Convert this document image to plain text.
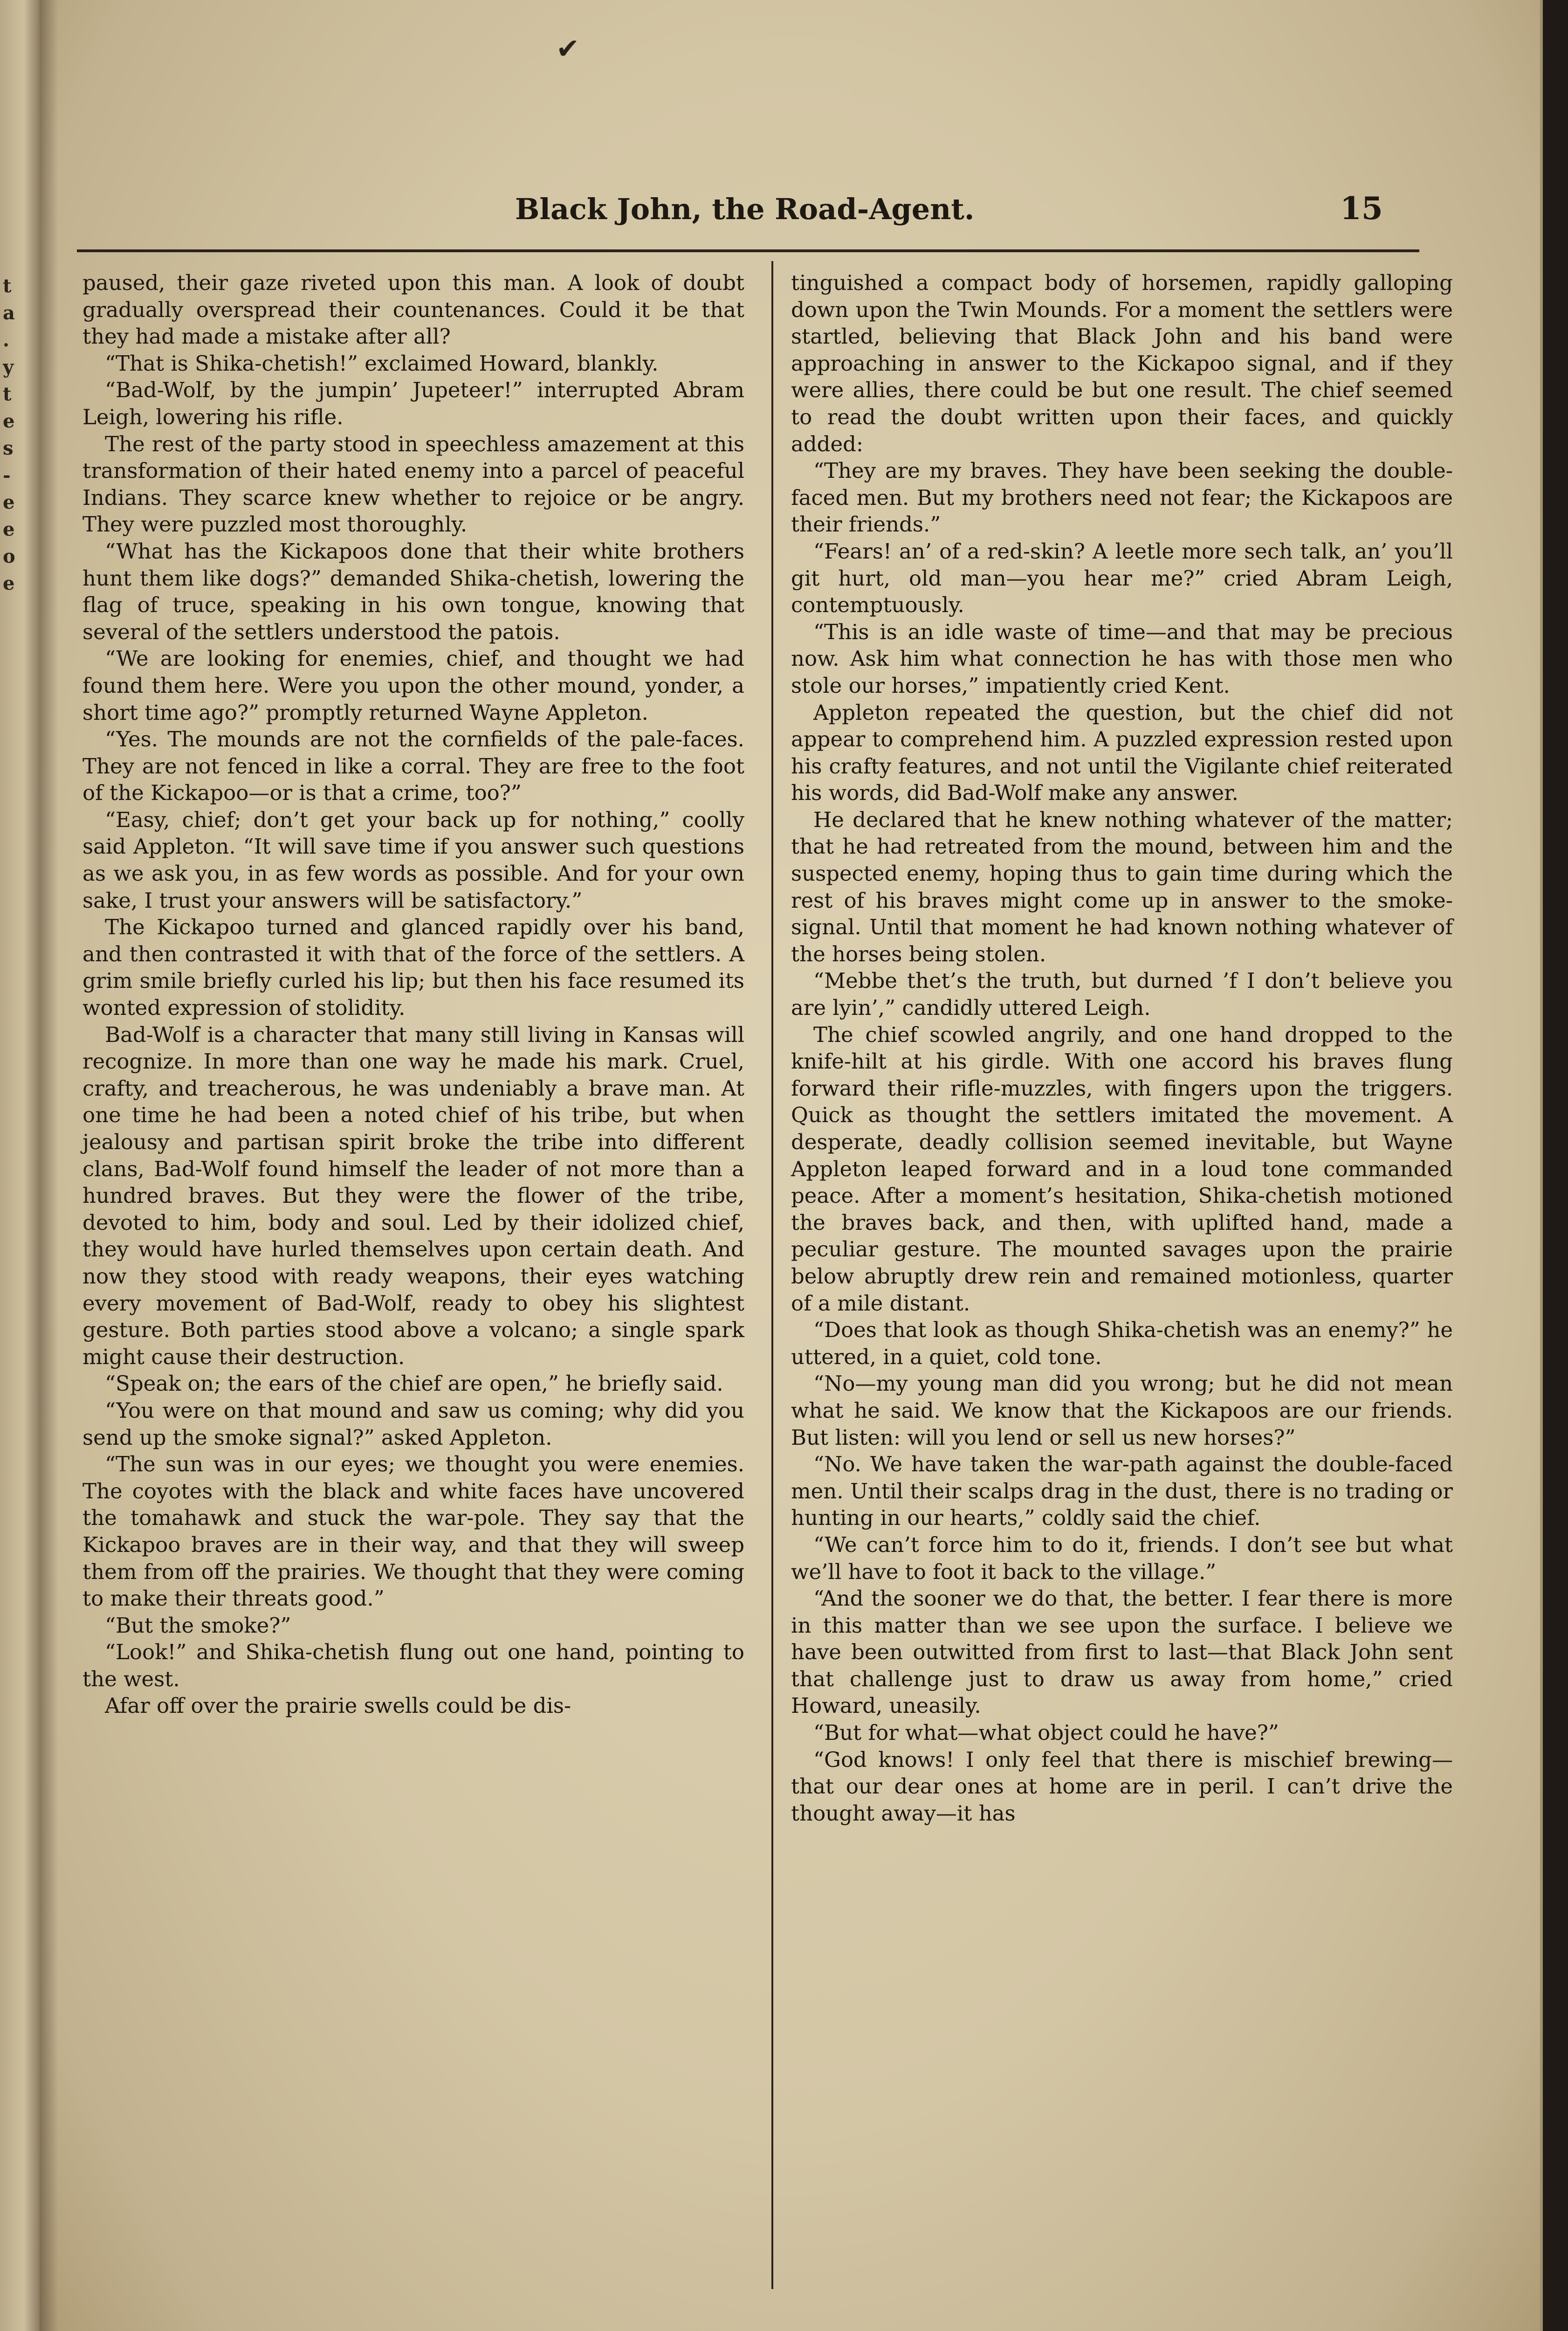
t
a
.
y
t
e
s
-
e
e
o
e
✔
Black John, the Road-Agent.	15

paused, their gaze riveted upon this man. A look of doubt gradually overspread their countenances. Could it be that they had made a mistake after all?

“That is Shika-chetish!” exclaimed Howard, blankly.

“Bad-Wolf, by the jumpin’ Jupeteer!” interrupted Abram Leigh, lowering his rifle.

The rest of the party stood in speechless amazement at this transformation of their hated enemy into a parcel of peaceful Indians. They scarce knew whether to rejoice or be angry. They were puzzled most thoroughly.

“What has the Kickapoos done that their white brothers hunt them like dogs?” demanded Shika-chetish, lowering the flag of truce, speaking in his own tongue, knowing that several of the settlers understood the patois.

“We are looking for enemies, chief, and thought we had found them here. Were you upon the other mound, yonder, a short time ago?” promptly returned Wayne Appleton.

“Yes. The mounds are not the cornfields of the pale-faces. They are not fenced in like a corral. They are free to the foot of the Kickapoo—or is that a crime, too?”

“Easy, chief; don’t get your back up for nothing,” coolly said Appleton. “It will save time if you answer such questions as we ask you, in as few words as possible. And for your own sake, I trust your answers will be satisfactory.”

The Kickapoo turned and glanced rapidly over his band, and then contrasted it with that of the force of the settlers. A grim smile briefly curled his lip; but then his face resumed its wonted expression of stolidity.

Bad-Wolf is a character that many still living in Kansas will recognize. In more than one way he made his mark. Cruel, crafty, and treacherous, he was undeniably a brave man. At one time he had been a noted chief of his tribe, but when jealousy and partisan spirit broke the tribe into different clans, Bad-Wolf found himself the leader of not more than a hundred braves. But they were the flower of the tribe, devoted to him, body and soul. Led by their idolized chief, they would have hurled themselves upon certain death. And now they stood with ready weapons, their eyes watching every movement of Bad-Wolf, ready to obey his slightest gesture. Both parties stood above a volcano; a single spark might cause their destruction.

“Speak on; the ears of the chief are open,” he briefly said.

“You were on that mound and saw us coming; why did you send up the smoke signal?” asked Appleton.

“The sun was in our eyes; we thought you were enemies. The coyotes with the black and white faces have uncovered the tomahawk and stuck the war-pole. They say that the Kickapoo braves are in their way, and that they will sweep them from off the prairies. We thought that they were coming to make their threats good.”

“But the smoke?”

“Look!” and Shika-chetish flung out one hand, pointing to the west.

Afar off over the prairie swells could be dis-

tinguished a compact body of horsemen, rapidly galloping down upon the Twin Mounds. For a moment the settlers were startled, believing that Black John and his band were approaching in answer to the Kickapoo signal, and if they were allies, there could be but one result. The chief seemed to read the doubt written upon their faces, and quickly added:

“They are my braves. They have been seeking the double-faced men. But my brothers need not fear; the Kickapoos are their friends.”

“Fears! an’ of a red-skin? A leetle more sech talk, an’ you’ll git hurt, old man—you hear me?” cried Abram Leigh, contemptuously.

“This is an idle waste of time—and that may be precious now. Ask him what connection he has with those men who stole our horses,” impatiently cried Kent.

Appleton repeated the question, but the chief did not appear to comprehend him. A puzzled expression rested upon his crafty features, and not until the Vigilante chief reiterated his words, did Bad-Wolf make any answer.

He declared that he knew nothing whatever of the matter; that he had retreated from the mound, between him and the suspected enemy, hoping thus to gain time during which the rest of his braves might come up in answer to the smoke-signal. Until that moment he had known nothing whatever of the horses being stolen.

“Mebbe thet’s the truth, but durned ’f I don’t believe you are lyin’,” candidly uttered Leigh.

The chief scowled angrily, and one hand dropped to the knife-hilt at his girdle. With one accord his braves flung forward their rifle-muzzles, with fingers upon the triggers. Quick as thought the settlers imitated the movement. A desperate, deadly collision seemed inevitable, but Wayne Appleton leaped forward and in a loud tone commanded peace. After a moment’s hesitation, Shika-chetish motioned the braves back, and then, with uplifted hand, made a peculiar gesture. The mounted savages upon the prairie below abruptly drew rein and remained motionless, quarter of a mile distant.

“Does that look as though Shika-chetish was an enemy?” he uttered, in a quiet, cold tone.

“No—my young man did you wrong; but he did not mean what he said. We know that the Kickapoos are our friends. But listen: will you lend or sell us new horses?”

“No. We have taken the war-path against the double-faced men. Until their scalps drag in the dust, there is no trading or hunting in our hearts,” coldly said the chief.

“We can’t force him to do it, friends. I don’t see but what we’ll have to foot it back to the village.”

“And the sooner we do that, the better. I fear there is more in this matter than we see upon the surface. I believe we have been outwitted from first to last—that Black John sent that challenge just to draw us away from home,” cried Howard, uneasily.

“But for what—what object could he have?”

“God knows! I only feel that there is mischief brewing—that our dear ones at home are in peril. I can’t drive the thought away—it has
